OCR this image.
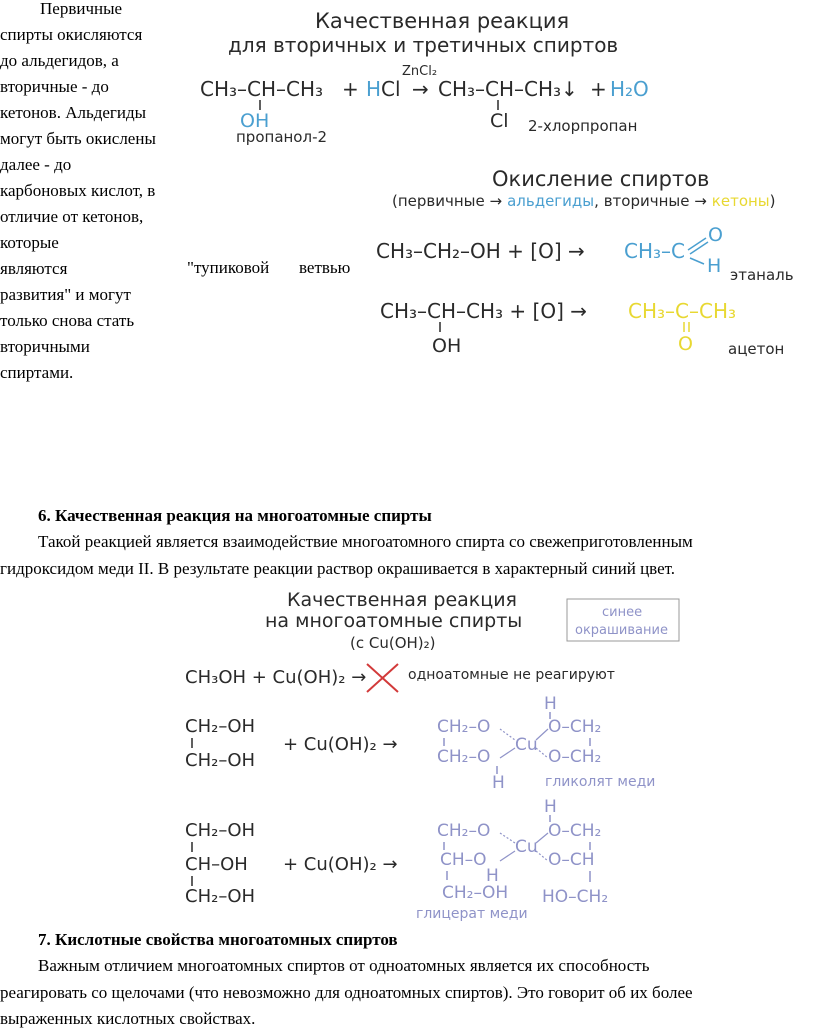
Первичные
спирты окисляются
до альдегидов, а
вторичные - до
кетонов. Альдегиды
могут быть окислены
далее - до
карбоновых кислот, в
отличие от кетонов,
которые
являются
развития" и могут
только снова стать
вторичными
спиртами.
"тупиковой ветвью
Качественная реакция
для вторичных и третичных спиртов
ZnCl₂
CH₃–CH–CH₃ + H Cl → CH₃–CH–CH₃↓ + H₂O
OH	Cl
пропанол-2
2-хлорпропан
Окисление спиртов
(первичные → альдегиды, вторичные → кетоны)
CH₃–CH₂–OH + [O] → CH₃–C
O
H этаналь
CH₃–CH–CH₃ + [O] →
OH
CH₃–C–CH₃
O ацетон
6. Качественная реакция на многоатомные спирты
Такой реакцией является взаимодействие многоатомного спирта со свежеприготовленным
гидроксидом меди II. В результате реакции раствор окрашивается в характерный синий цвет.
Качественная реакция
на многоатомные спирты
(с Cu(OH)₂)
синее
окрашивание
CH₃OH + Cu(OH)₂ →	одноатомные не реагируют
CH₂–OH
CH₂–OH
+ Cu(OH)₂ →
H
CH₂–O
CH₂–O
Cu
O–CH₂
O–CH₂
H	гликолят меди
CH₂–OH
CH–OH
CH₂–OH
+ Cu(OH)₂ →
H
CH₂–O
CH–O
CH₂–OH
Cu
H
O–CH₂
O–CH
HO–CH₂
глицерат меди
7. Кислотные свойства многоатомных спиртов
Важным отличием многоатомных спиртов от одноатомных является их способность
реагировать со щелочами (что невозможно для одноатомных спиртов). Это говорит об их более
выраженных кислотных свойствах.
